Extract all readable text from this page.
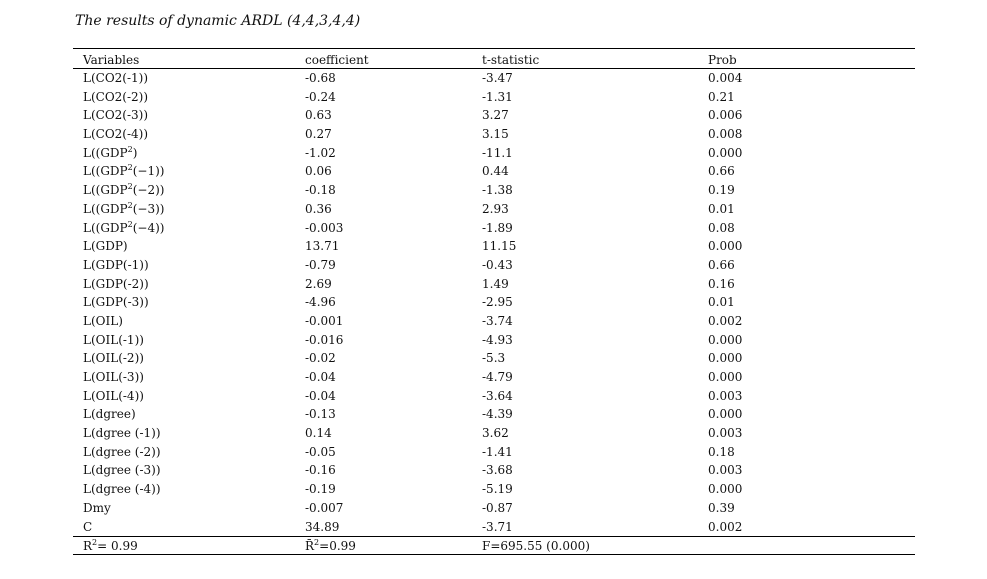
The results of dynamic ARDL (4,4,3,4,4)
Variables	coefficient	t-statistic	Prob
L(CO2(-1))	-0.68	-3.47	0.004
L(CO2(-2))	-0.24	-1.31	0.21
L(CO2(-3))	0.63	3.27	0.006
L(CO2(-4))	0.27	3.15	0.008
L((GDP$^2$)	-1.02	-11.1	0.000
$L((GDP^2(-1))$	0.06	0.44	0.66
$L((GDP^2(-2))$	-0.18	-1.38	0.19
$L((GDP^2(-3))$	0.36	2.93	0.01
$L((GDP^2(-4))$	-0.003	-1.89	0.08
L(GDP)	13.71	11.15	0.000
L(GDP(-1))	-0.79	-0.43	0.66
L(GDP(-2))	2.69	1.49	0.16
L(GDP(-3))	-4.96	-2.95	0.01
L(OIL)	-0.001	-3.74	0.002
L(OIL(-1))	-0.016	-4.93	0.000
L(OIL(-2))	-0.02	-5.3	0.000
L(OIL(-3))	-0.04	-4.79	0.000
L(OIL(-4))	-0.04	-3.64	0.003
L(dgree)	-0.13	-4.39	0.000
L(dgree (-1))	0.14	3.62	0.003
L(dgree (-2))	-0.05	-1.41	0.18
L(dgree (-3))	-0.16	-3.68	0.003
L(dgree (-4))	-0.19	-5.19	0.000
Dmy	-0.007	-0.87	0.39
C	34.89	-3.71	0.002
$R^2= 0.99$	R̄$^2$=0.99	F=695.55 (0.000)
